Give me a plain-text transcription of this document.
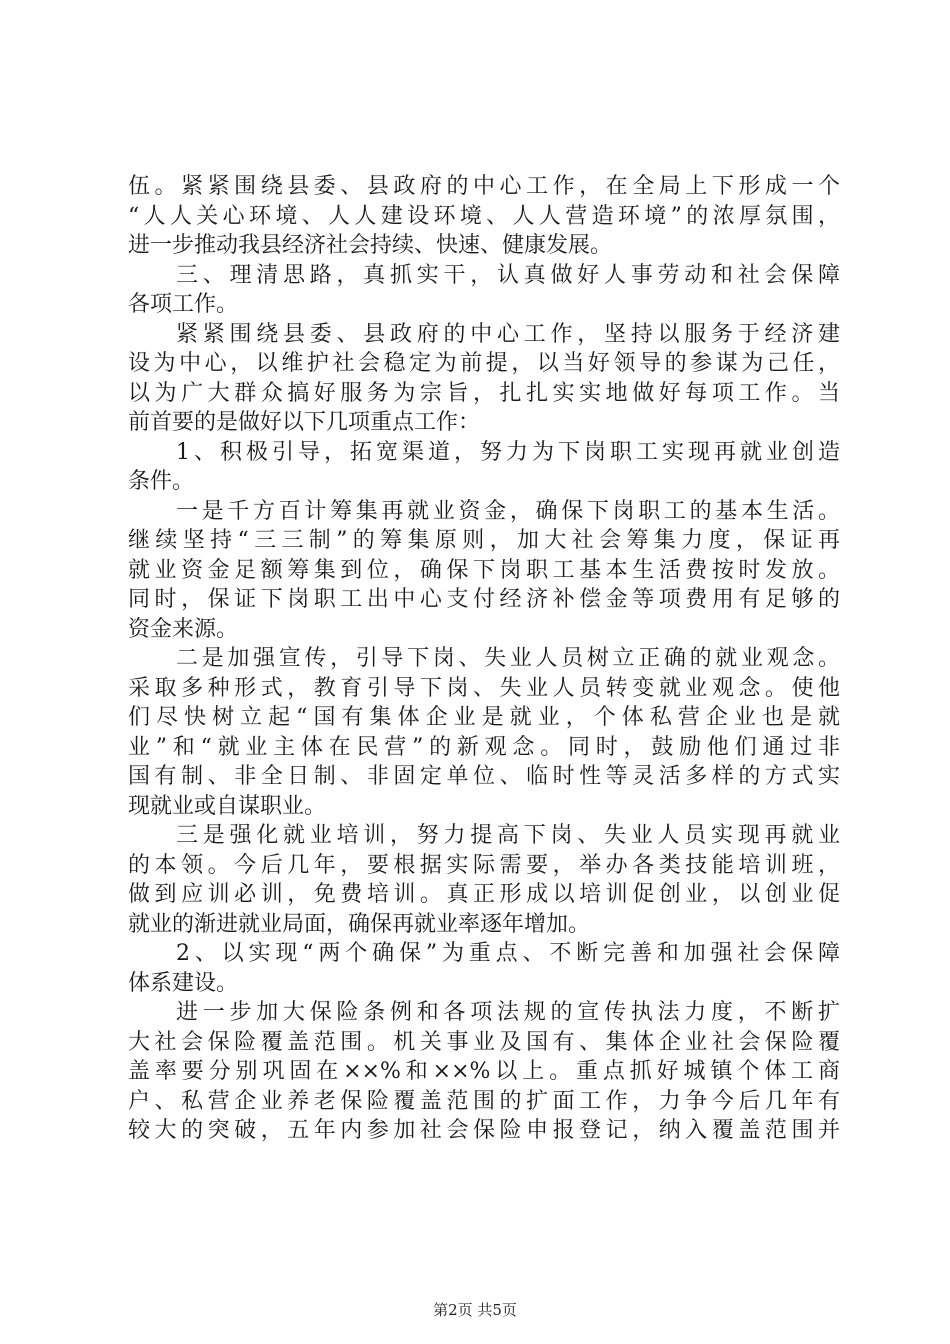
伍。紧紧围绕县委、县政府的中心工作，在全局上下形成一个
“人人关心环境、人人建设环境、人人营造环境”的浓厚氛围，
进一步推动我县经济社会持续、快速、健康发展。
三、理清思路，真抓实干，认真做好人事劳动和社会保障
各项工作。
紧紧围绕县委、县政府的中心工作，坚持以服务于经济建
设为中心，以维护社会稳定为前提，以当好领导的参谋为己任，
以为广大群众搞好服务为宗旨，扎扎实实地做好每项工作。当
前首要的是做好以下几项重点工作：
1、积极引导，拓宽渠道，努力为下岗职工实现再就业创造
条件。
一是千方百计筹集再就业资金，确保下岗职工的基本生活。
继续坚持“三三制”的筹集原则，加大社会筹集力度，保证再
就业资金足额筹集到位，确保下岗职工基本生活费按时发放。
同时，保证下岗职工出中心支付经济补偿金等项费用有足够的
资金来源。
二是加强宣传，引导下岗、失业人员树立正确的就业观念。
采取多种形式，教育引导下岗、失业人员转变就业观念。使他
们尽快树立起“国有集体企业是就业，个体私营企业也是就
业”和“就业主体在民营”的新观念。同时，鼓励他们通过非
国有制、非全日制、非固定单位、临时性等灵活多样的方式实
现就业或自谋职业。
三是强化就业培训，努力提高下岗、失业人员实现再就业
的本领。今后几年，要根据实际需要，举办各类技能培训班，
做到应训必训，免费培训。真正形成以培训促创业，以创业促
就业的渐进就业局面，确保再就业率逐年增加。
2、以实现“两个确保”为重点、不断完善和加强社会保障
体系建设。
进一步加大保险条例和各项法规的宣传执法力度，不断扩
大社会保险覆盖范围。机关事业及国有、集体企业社会保险覆
盖率要分别巩固在××%和××%以上。重点抓好城镇个体工商
户、私营企业养老保险覆盖范围的扩面工作，力争今后几年有
较大的突破，五年内参加社会保险申报登记，纳入覆盖范围并
第2页 共5页
